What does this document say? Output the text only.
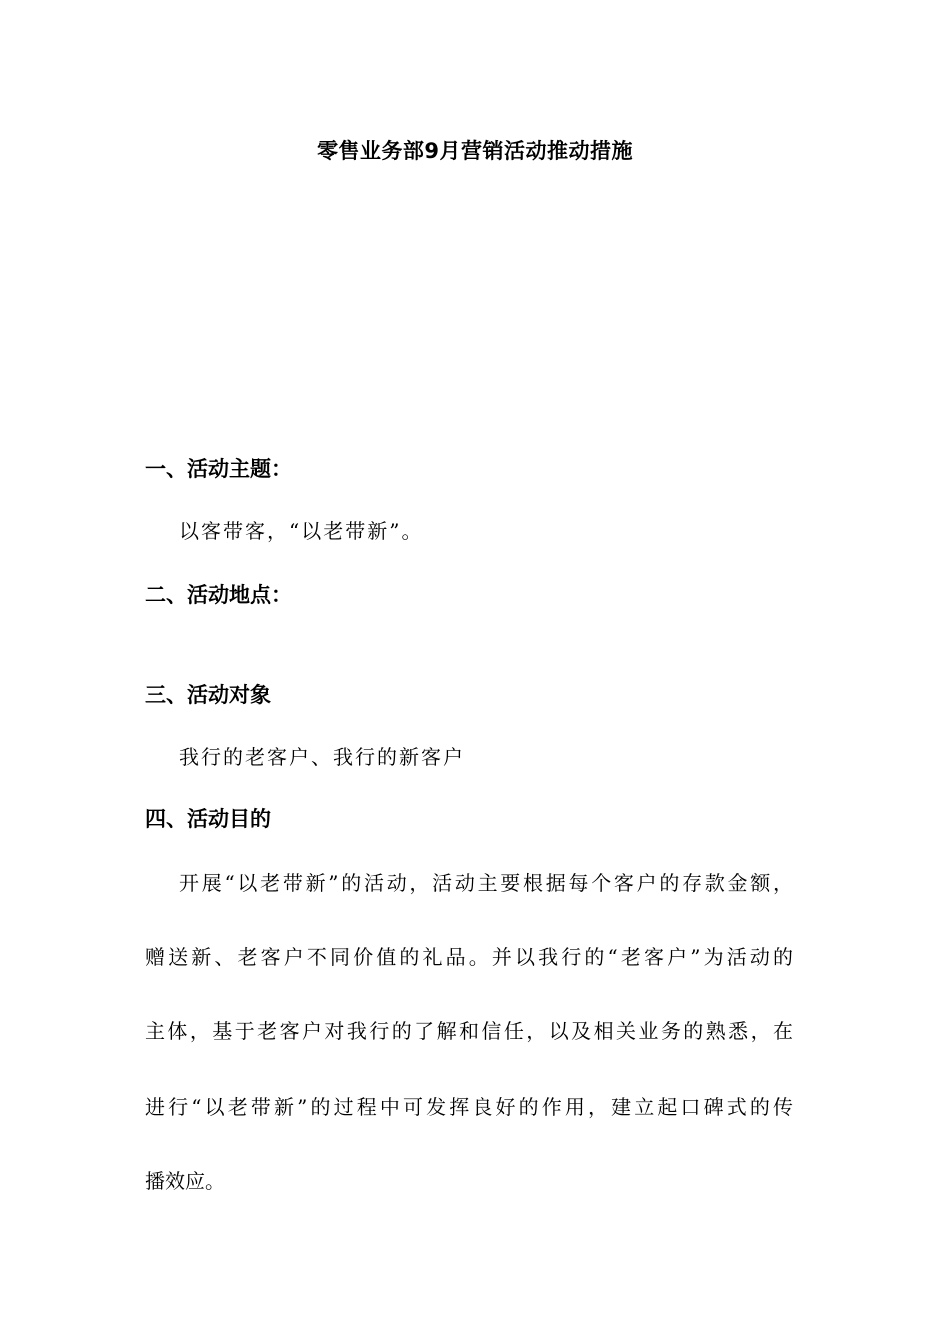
零售业务部9月营销活动推动措施
一、活动主题：
以客带客，“以老带新”。
二、活动地点：
三、活动对象
我行的老客户、我行的新客户
四、活动目的
开展“以老带新”的活动，活动主要根据每个客户的存款金额，
赠送新、老客户不同价值的礼品。并以我行的“老客户”为活动的
主体，基于老客户对我行的了解和信任，以及相关业务的熟悉，在
进行“以老带新”的过程中可发挥良好的作用，建立起口碑式的传
播效应。
